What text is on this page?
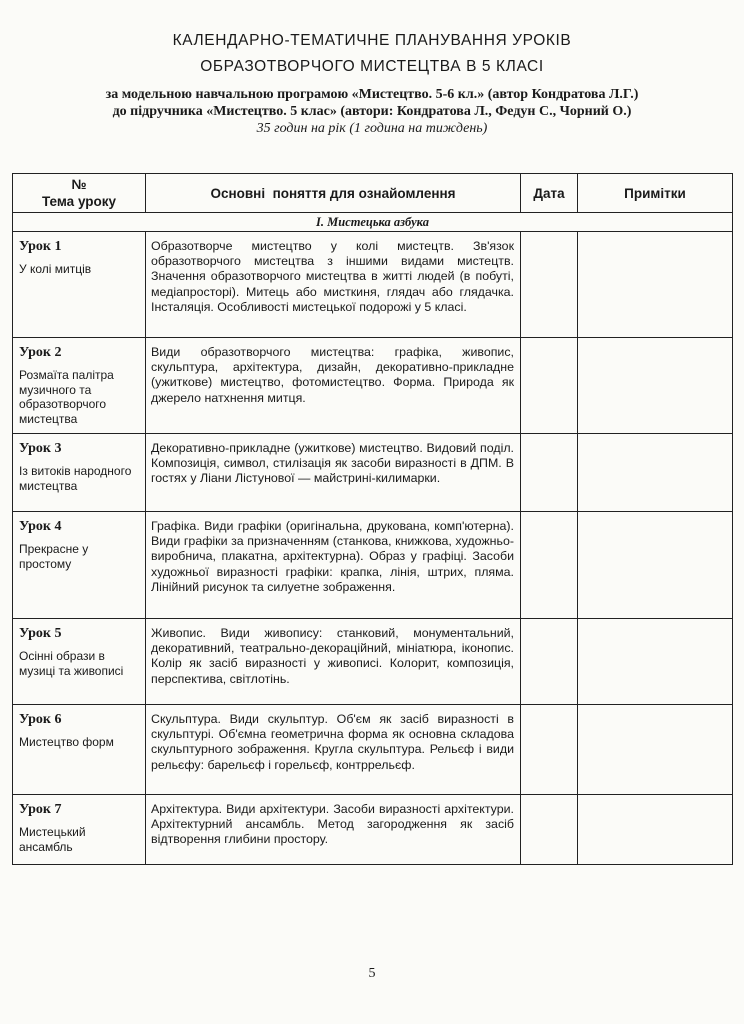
КАЛЕНДАРНО-ТЕМАТИЧНЕ ПЛАНУВАННЯ УРОКІВ

ОБРАЗОТВОРЧОГО МИСТЕЦТВА В 5 КЛАСІ

за модельною навчальною програмою «Мистецтво. 5-6 кл.» (автор Кондратова Л.Г.)

до підручника «Мистецтво. 5 клас» (автори: Кондратова Л., Федун С., Чорний О.)

35 годин на рік (1 година на тиждень)

№
Тема уроку	Основні  поняття для ознайомлення	Дата	Примітки
І. Мистецька азбука			

Урок 1
У колі митців	Образотворче мистецтво у колі мистецтв. Зв'язок образотворчого мистецтва з іншими видами мистецтв. Значення образотворчого мистецтва в житті людей (в побуті, медіапросторі). Митець або мисткиня, глядач або глядачка. Інсталяція. Особливості мистецької подорожі у 5 класі.		

Урок 2
Розмаїта палітра музичного та образотворчого мистецтва	Види образотворчого мистецтва: графіка, живопис, скульптура, архітектура, дизайн, декоративно-прикладне (ужиткове) мистецтво, фотомистецтво. Форма. Природа як джерело натхнення митця.		

Урок 3
Із витоків народного мистецтва	Декоративно-прикладне (ужиткове) мистецтво. Видовий поділ. Композиція, символ, стилізація як засоби виразності в ДПМ. В гостях у Ліани Лістунової — майстрині-килимарки.		

Урок 4
Прекрасне у простому	Графіка. Види графіки (оригінальна, друкована, комп'ютерна). Види графіки за призначенням (станкова, книжкова, художньо-виробнича, плакатна, архітектурна). Образ у графіці. Засоби художньої виразності графіки: крапка, лінія, штрих, пляма. Лінійний рисунок та силуетне зображення.		

Урок 5
Осінні образи в музиці та живописі	Живопис. Види живопису: станковий, монументальний, декоративний, театрально-декораційний, мініатюра, іконопис. Колір як засіб виразності у живописі. Колорит, композиція, перспектива, світлотінь.		

Урок 6
Мистецтво форм	Скульптура. Види скульптур. Об'єм як засіб виразності в скульптурі. Об'ємна геометрична форма як основна складова скульптурного зображення. Кругла скульптура. Рельєф і види рельєфу: барельєф і горельєф, контррельєф.		

Урок 7
Мистецький ансамбль	Архітектура. Види архітектури. Засоби виразності архітектури. Архітектурний ансамбль. Метод загородження як засіб відтворення глибини простору.		

5
